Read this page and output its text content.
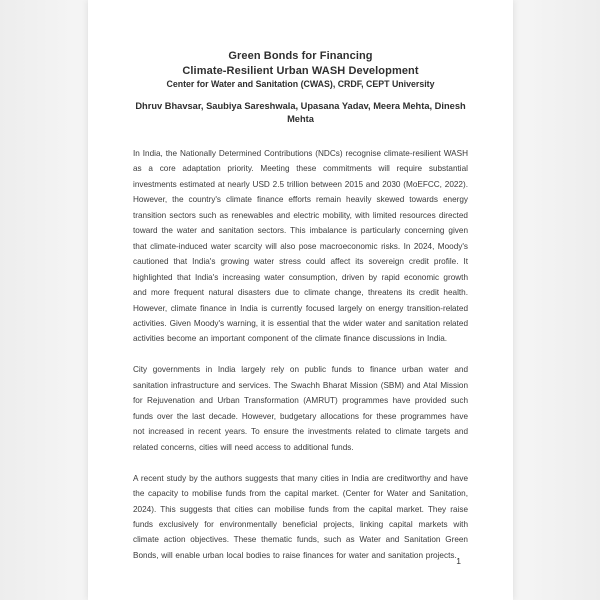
Green Bonds for Financing
Climate-Resilient Urban WASH Development
Center for Water and Sanitation (CWAS), CRDF, CEPT University
Dhruv Bhavsar, Saubiya Sareshwala, Upasana Yadav, Meera Mehta, Dinesh Mehta

In India, the Nationally Determined Contributions (NDCs) recognise climate-resilient WASH as a core adaptation priority. Meeting these commitments will require substantial investments estimated at nearly USD 2.5 trillion between 2015 and 2030 (MoEFCC, 2022). However, the country's climate finance efforts remain heavily skewed towards energy transition sectors such as renewables and electric mobility, with limited resources directed toward the water and sanitation sectors. This imbalance is particularly concerning given that climate-induced water scarcity will also pose macroeconomic risks. In 2024, Moody's cautioned that India's growing water stress could affect its sovereign credit profile. It highlighted that India's increasing water consumption, driven by rapid economic growth and more frequent natural disasters due to climate change, threatens its credit health. However, climate finance in India is currently focused largely on energy transition-related activities. Given Moody's warning, it is essential that the wider water and sanitation related activities become an important component of the climate finance discussions in India.

City governments in India largely rely on public funds to finance urban water and sanitation infrastructure and services. The Swachh Bharat Mission (SBM) and Atal Mission for Rejuvenation and Urban Transformation (AMRUT) programmes have provided such funds over the last decade. However, budgetary allocations for these programmes have not increased in recent years. To ensure the investments related to climate targets and related concerns, cities will need access to additional funds.

A recent study by the authors suggests that many cities in India are creditworthy and have the capacity to mobilise funds from the capital market. (Center for Water and Sanitation, 2024). This suggests that cities can mobilise funds from the capital market. They raise funds exclusively for environmentally beneficial projects, linking capital markets with climate action objectives. These thematic funds, such as Water and Sanitation Green Bonds, will enable urban local bodies to raise finances for water and sanitation projects.

1
